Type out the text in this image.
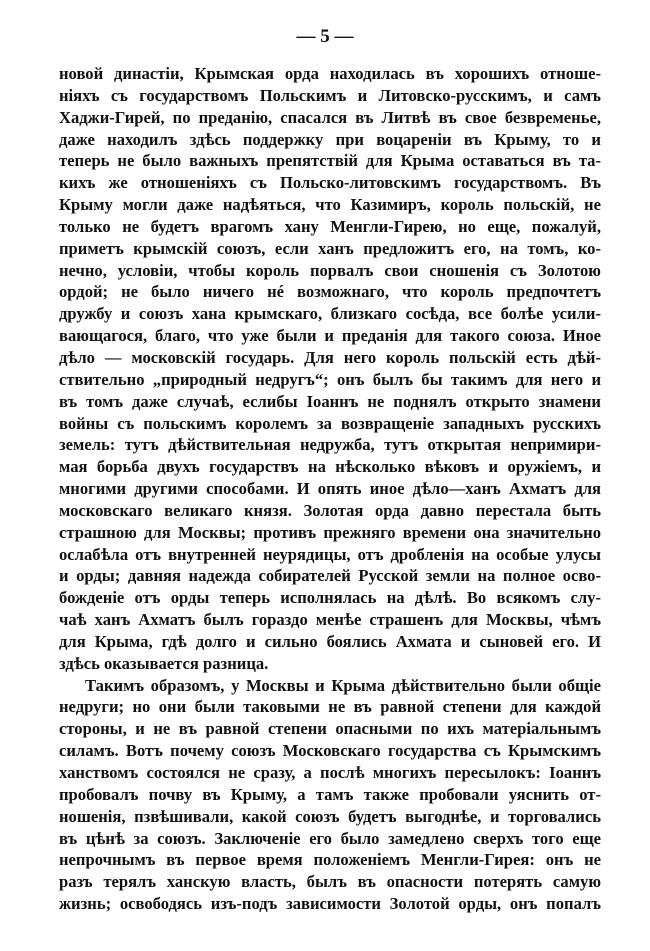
— 5 —
новой династіи, Крымская орда находилась въ хорошихъ отноше-
ніяхъ съ государствомъ Польскимъ и Литовско-русскимъ, и самъ
Хаджи-Гирей, по преданію, спасался въ Литвѣ въ свое безвременье,
даже находилъ здѣсь поддержку при воцареніи въ Крыму, то и
теперь не было важныхъ препятствій для Крыма оставаться въ та-
кихъ же отношеніяхъ съ Польско-литовскимъ государствомъ. Въ
Крыму могли даже надѣяться, что Казимиръ, король польскій, не
только не будетъ врагомъ хану Менгли-Гирею, но еще, пожалуй,
приметъ крымскій союзъ, если ханъ предложитъ его, на томъ, ко-
нечно, условіи, чтобы король порвалъ свои сношенія съ Золотою
ордой; не было ничего нé возможнаго, что король предпочтетъ
дружбу и союзъ хана крымскаго, близкаго сосѣда, все болѣе усили-
вающагося, благо, что уже были и преданія для такого союза. Иное
дѣло — московскій государь. Для него король польскій есть дѣй-
ствительно „природный недругъ“; онъ былъ бы такимъ для него и
въ томъ даже случаѣ, еслибы Іоаннъ не поднялъ открыто знамени
войны съ польскимъ королемъ за возвращеніе западныхъ русскихъ
земель: тутъ дѣйствительная недружба, тутъ открытая непримири-
мая борьба двухъ государствъ на нѣсколько вѣковъ и оружіемъ, и
многими другими способами. И опять иное дѣло—ханъ Ахматъ для
московскаго великаго князя. Золотая орда давно перестала быть
страшною для Москвы; противъ прежняго времени она значительно
ослабѣла отъ внутренней неурядицы, отъ дробленія на особые улусы
и орды; давняя надежда собирателей Русской земли на полное осво-
божденіе отъ орды теперь исполнялась на дѣлѣ. Во всякомъ слу-
чаѣ ханъ Ахматъ былъ гораздо менѣе страшенъ для Москвы, чѣмъ
для Крыма, гдѣ долго и сильно боялись Ахмата и сыновей его. И
здѣсь оказывается разница.
Такимъ образомъ, у Москвы и Крыма дѣйствительно были общіе
недруги; но они были таковыми не въ равной степени для каждой
стороны, и не въ равной степени опасными по ихъ матеріальнымъ
силамъ. Вотъ почему союзъ Московскаго государства съ Крымскимъ
ханствомъ состоялся не сразу, а послѣ многихъ пересылокъ: Іоаннъ
пробовалъ почву въ Крыму, а тамъ также пробовали уяснить от-
ношенія, пзвѣшивали, какой союзъ будетъ выгоднѣе, и торговались
въ цѣнѣ за союзъ. Заключеніе его было замедлено сверхъ того еще
непрочнымъ въ первое время положеніемъ Менгли-Гирея: онъ не
разъ терялъ ханскую власть, былъ въ опасности потерять самую
жизнь; освободясь изъ-подъ зависимости Золотой орды, онъ попалъ
